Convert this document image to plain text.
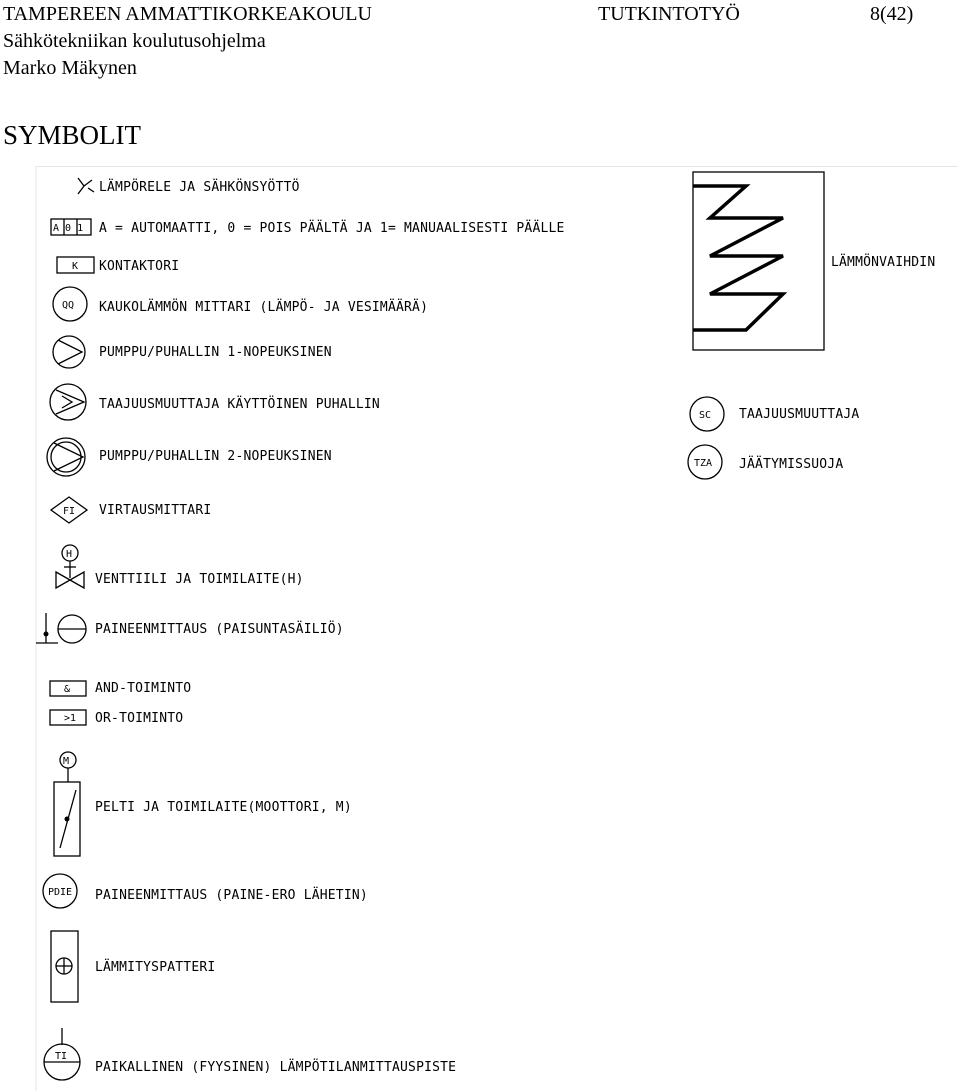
TAMPEREEN AMMATTIKORKEAKOULU	TUTKINTOTYÖ	8(42)
Sähkötekniikan koulutusohjelma
Marko Mäkynen
SYMBOLIT
LÄMPÖRELE JA SÄHKÖNSYÖTTÖ
A 0 1 A = AUTOMAATTI, 0 = POIS PÄÄLTÄ JA 1= MANUAALISESTI PÄÄLLE
K KONTAKTORI
QQ KAUKOLÄMMÖN MITTARI (LÄMPÖ- JA VESIMÄÄRÄ)
PUMPPU/PUHALLIN 1-NOPEUKSINEN
TAAJUUSMUUTTAJA KÄYTTÖINEN PUHALLIN
PUMPPU/PUHALLIN 2-NOPEUKSINEN
FI VIRTAUSMITTARI
H
VENTTIILI JA TOIMILAITE(H)
PAINEENMITTAUS (PAISUNTASÄILIÖ)
& AND-TOIMINTO
>1 OR-TOIMINTO
M
PELTI JA TOIMILAITE(MOOTTORI, M)
PDIE PAINEENMITTAUS (PAINE-ERO LÄHETIN)
LÄMMITYSPATTERI
TI
PAIKALLINEN (FYYSINEN) LÄMPÖTILANMITTAUSPISTE
LÄMMÖNVAIHDIN
SC TAAJUUSMUUTTAJA
TZA JÄÄTYMISSUOJA
